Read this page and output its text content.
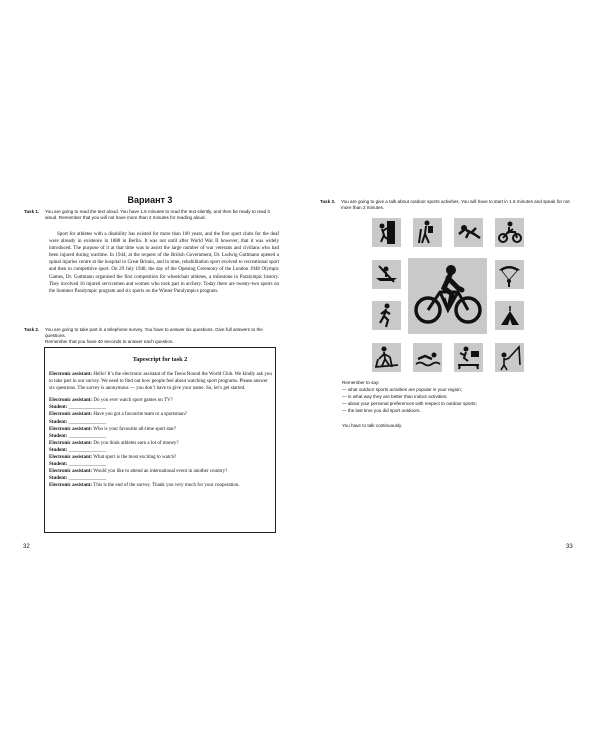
Вариант 3
Task 1. You are going to read the text aloud. You have 1.5 minutes to read the text silently, and then be ready to read it aloud. Remember that you will not have more than 2 minutes for reading aloud.
Sport for athletes with a disability has existed for more than 100 years, and the first sport clubs for the deaf were already in existence in 1888 in Berlin. It was not until after World War II however, that it was widely introduced. The purpose of it at that time was to assist the large number of war veterans and civilians who had been injured during wartime. In 1944, at the request of the British Government, Dr. Ludwig Guttmann opened a spinal injuries centre at the hospital in Great Britain, and in time, rehabilitation sport evolved to recreational sport and then to competitive sport. On 29 July 1948, the day of the Opening Ceremony of the London 1948 Olympic Games, Dr. Guttmann organised the first competition for wheelchair athletes, a milestone in Paralympic history. They involved 16 injured servicemen and women who took part in archery. Today there are twenty-two sports on the Summer Paralympic program and six sports on the Winter Paralympics program.
Task 2. You are going to take part in a telephone survey. You have to answer six questions. Give full answers to the questions.
Remember that you have 40 seconds to answer each question.
Tapescript for task 2
Electronic assistant: Hello! It’s the electronic assistant of the Teens Round the World Club. We kindly ask you to take part in our survey. We need to find out how people feel about watching sport programs. Please answer six questions. The survey is anonymous — you don’t have to give your name. So, let’s get started.
Electronic assistant: Do you ever watch sport games on TV?
Student: _______________
Electronic assistant: Have you got a favourite team or a sportsman?
Student: _______________
Electronic assistant: Who is your favourite all-time sport star?
Student: _______________
Electronic assistant: Do you think athletes earn a lot of money?
Student: _______________
Electronic assistant: What sport is the most exciting to watch?
Student: _______________
Electronic assistant: Would you like to attend an international event in another country?
Student: _______________
Electronic assistant: This is the end of the survey. Thank you very much for your cooperation.
32
Task 3. You are going to give a talk about outdoor sports activities. You will have to start in 1.5 minutes and speak for not more than 2 minutes.
Remember to say:
— what outdoor sports activities are popular in your region;
— in what way they are better than indoor activities;
— about your personal preferences with respect to outdoor sports;
— the last time you did sport outdoors.
You have to talk continuously.
33
